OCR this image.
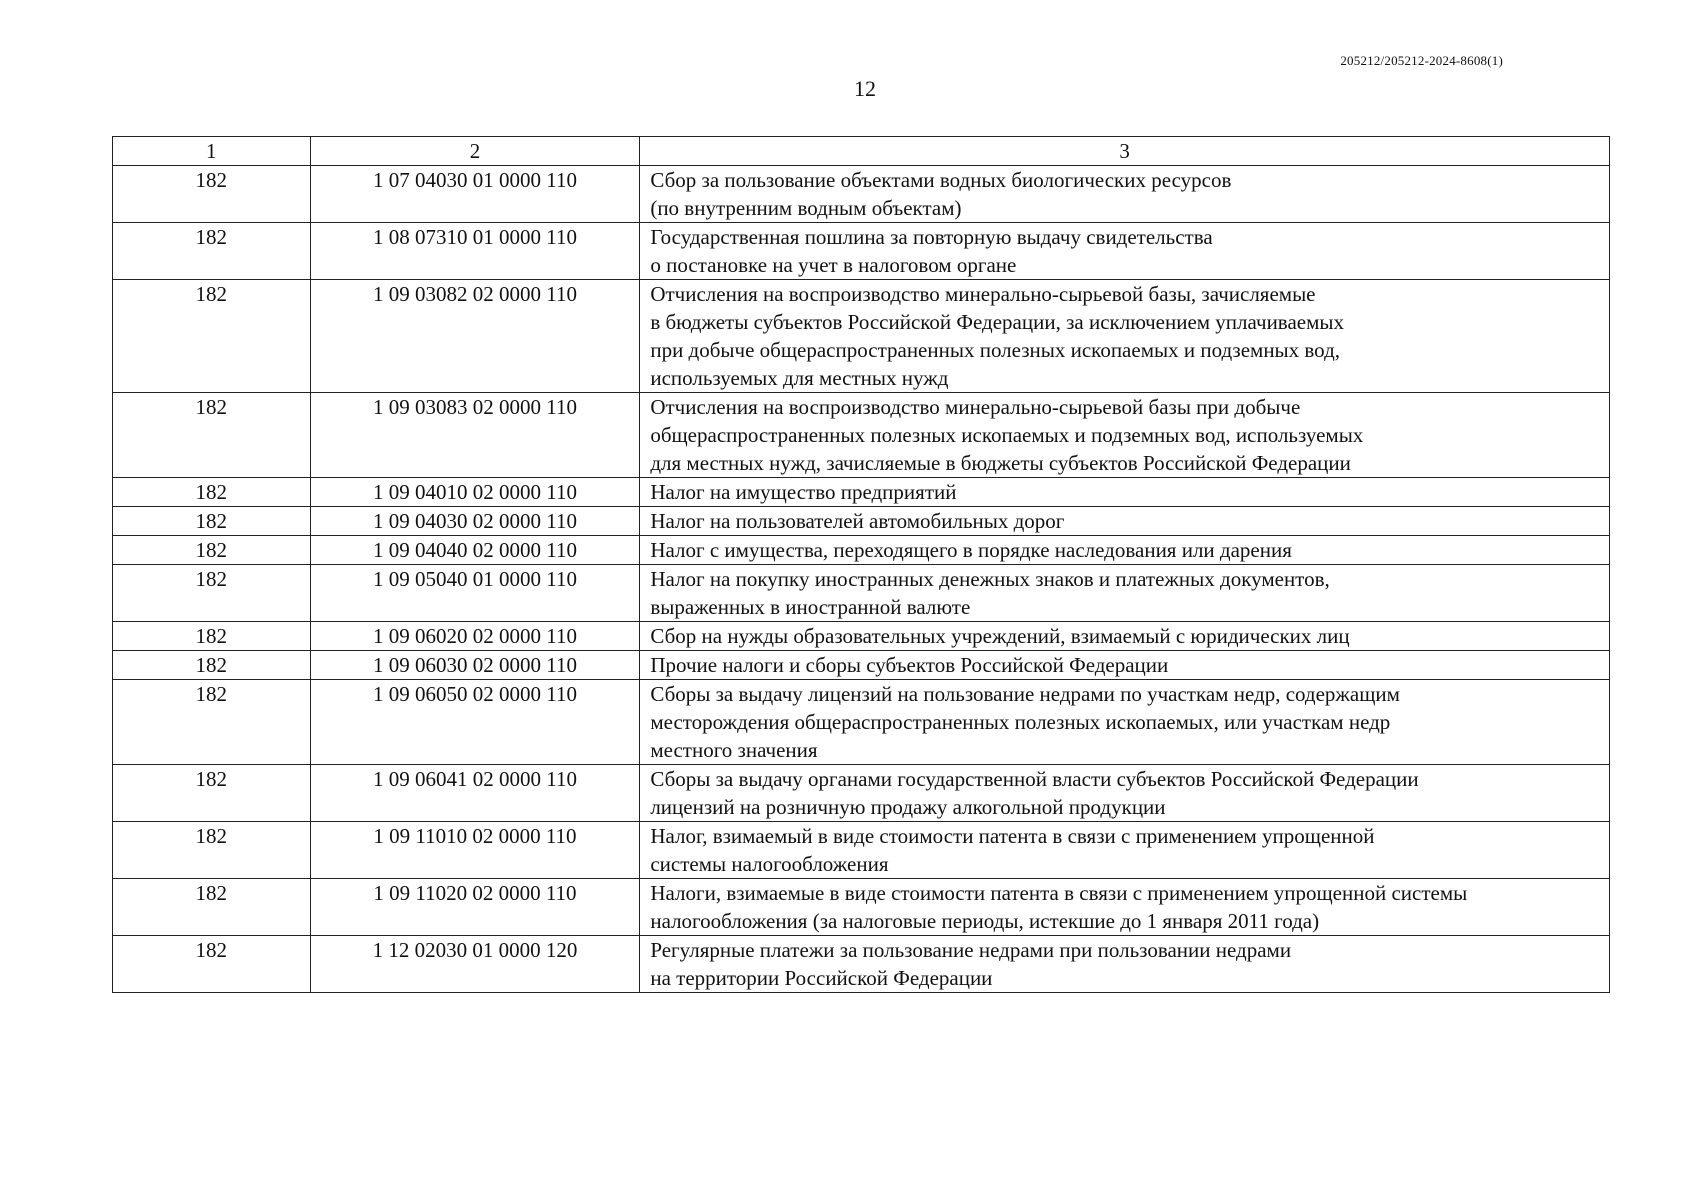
205212/205212-2024-8608(1)
12
1	2	3
182	1 07 04030 01 0000 110	Сбор за пользование объектами водных биологических ресурсов
(по внутренним водным объектам)

182	1 08 07310 01 0000 110	Государственная пошлина за повторную выдачу свидетельства
о постановке на учет в налоговом органе

182	1 09 03082 02 0000 110	Отчисления на воспроизводство минерально-сырьевой базы, зачисляемые
в бюджеты субъектов Российской Федерации, за исключением уплачиваемых
при добыче общераспространенных полезных ископаемых и подземных вод,
используемых для местных нужд

182	1 09 03083 02 0000 110	Отчисления на воспроизводство минерально-сырьевой базы при добыче
общераспространенных полезных ископаемых и подземных вод, используемых
для местных нужд, зачисляемые в бюджеты субъектов Российской Федерации

182	1 09 04010 02 0000 110	Налог на имущество предприятий

182	1 09 04030 02 0000 110	Налог на пользователей автомобильных дорог

182	1 09 04040 02 0000 110	Налог с имущества, переходящего в порядке наследования или дарения

182	1 09 05040 01 0000 110	Налог на покупку иностранных денежных знаков и платежных документов,
выраженных в иностранной валюте

182	1 09 06020 02 0000 110	Сбор на нужды образовательных учреждений, взимаемый с юридических лиц

182	1 09 06030 02 0000 110	Прочие налоги и сборы субъектов Российской Федерации

182	1 09 06050 02 0000 110	Сборы за выдачу лицензий на пользование недрами по участкам недр, содержащим
месторождения общераспространенных полезных ископаемых, или участкам недр
местного значения

182	1 09 06041 02 0000 110	Сборы за выдачу органами государственной власти субъектов Российской Федерации
лицензий на розничную продажу алкогольной продукции

182	1 09 11010 02 0000 110	Налог, взимаемый в виде стоимости патента в связи с применением упрощенной
системы налогообложения

182	1 09 11020 02 0000 110	Налоги, взимаемые в виде стоимости патента в связи с применением упрощенной системы
налогообложения (за налоговые периоды, истекшие до 1 января 2011 года)

182	1 12 02030 01 0000 120	Регулярные платежи за пользование недрами при пользовании недрами
на территории Российской Федерации
